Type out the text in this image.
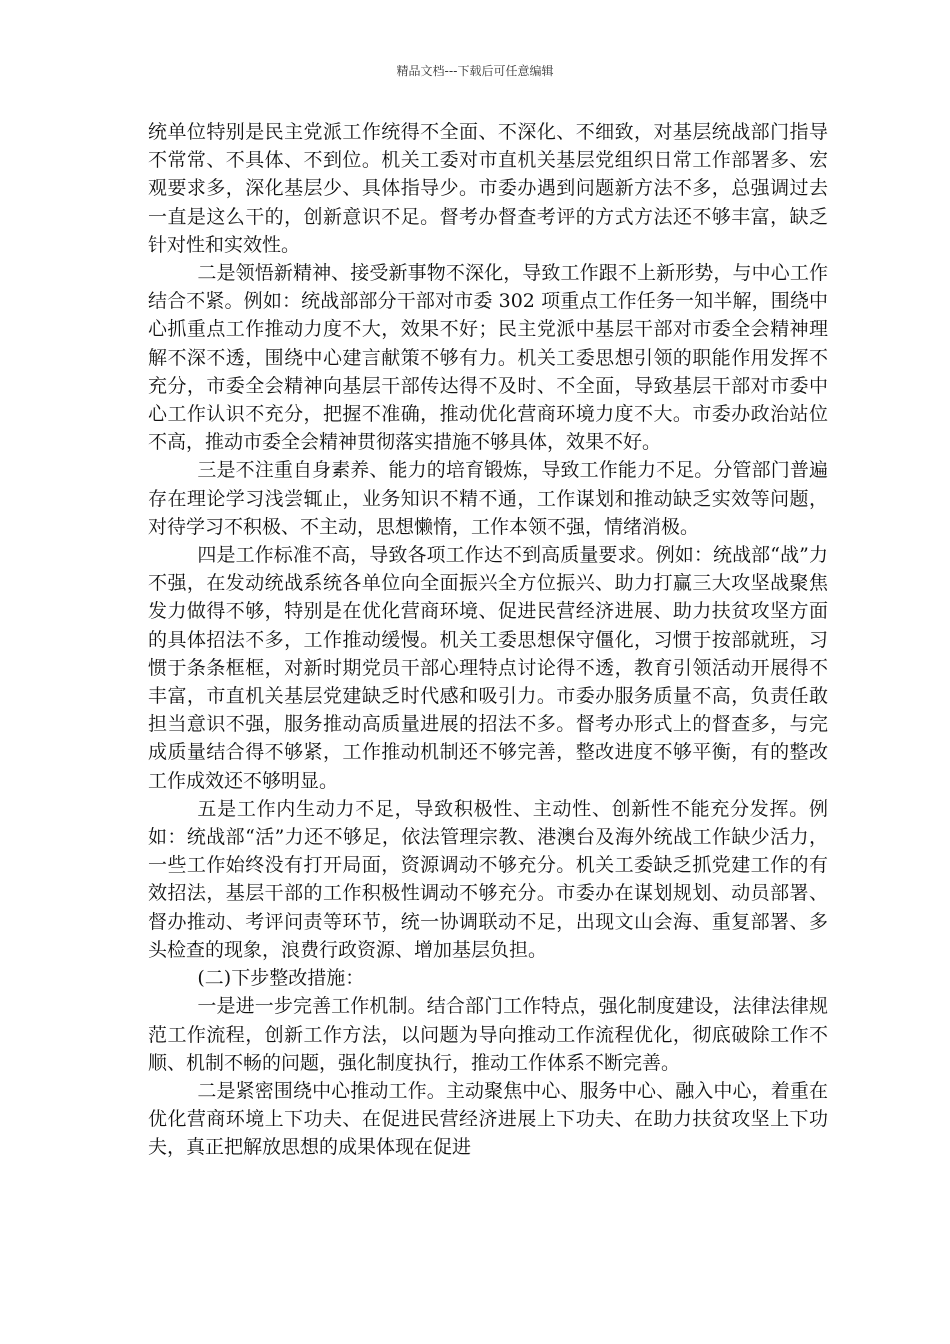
精品文档---下载后可任意编辑

统单位特别是民主党派工作统得不全面、不深化、不细致，对基层统战部门指导不常常、不具体、不到位。机关工委对市直机关基层党组织日常工作部署多、宏观要求多，深化基层少、具体指导少。市委办遇到问题新方法不多，总强调过去一直是这么干的，创新意识不足。督考办督查考评的方式方法还不够丰富，缺乏针对性和实效性。

二是领悟新精神、接受新事物不深化，导致工作跟不上新形势，与中心工作结合不紧。例如：统战部部分干部对市委 302 项重点工作任务一知半解，围绕中心抓重点工作推动力度不大，效果不好；民主党派中基层干部对市委全会精神理解不深不透，围绕中心建言献策不够有力。机关工委思想引领的职能作用发挥不充分，市委全会精神向基层干部传达得不及时、不全面，导致基层干部对市委中心工作认识不充分，把握不准确，推动优化营商环境力度不大。市委办政治站位不高，推动市委全会精神贯彻落实措施不够具体，效果不好。

三是不注重自身素养、能力的培育锻炼，导致工作能力不足。分管部门普遍存在理论学习浅尝辄止，业务知识不精不通，工作谋划和推动缺乏实效等问题，对待学习不积极、不主动，思想懒惰，工作本领不强，情绪消极。

四是工作标准不高，导致各项工作达不到高质量要求。例如：统战部“战”力不强，在发动统战系统各单位向全面振兴全方位振兴、助力打赢三大攻坚战聚焦发力做得不够，特别是在优化营商环境、促进民营经济进展、助力扶贫攻坚方面的具体招法不多，工作推动缓慢。机关工委思想保守僵化，习惯于按部就班，习惯于条条框框，对新时期党员干部心理特点讨论得不透，教育引领活动开展得不丰富，市直机关基层党建缺乏时代感和吸引力。市委办服务质量不高，负责任敢担当意识不强，服务推动高质量进展的招法不多。督考办形式上的督查多，与完成质量结合得不够紧，工作推动机制还不够完善，整改进度不够平衡，有的整改工作成效还不够明显。

五是工作内生动力不足，导致积极性、主动性、创新性不能充分发挥。例如：统战部“活”力还不够足，依法管理宗教、港澳台及海外统战工作缺少活力，一些工作始终没有打开局面，资源调动不够充分。机关工委缺乏抓党建工作的有效招法，基层干部的工作积极性调动不够充分。市委办在谋划规划、动员部署、督办推动、考评问责等环节，统一协调联动不足，出现文山会海、重复部署、多头检查的现象，浪费行政资源、增加基层负担。

(二)下步整改措施：

一是进一步完善工作机制。结合部门工作特点，强化制度建设，法律法律规范工作流程，创新工作方法，以问题为导向推动工作流程优化，彻底破除工作不顺、机制不畅的问题，强化制度执行，推动工作体系不断完善。

二是紧密围绕中心推动工作。主动聚焦中心、服务中心、融入中心，着重在优化营商环境上下功夫、在促进民营经济进展上下功夫、在助力扶贫攻坚上下功夫，真正把解放思想的成果体现在促进
